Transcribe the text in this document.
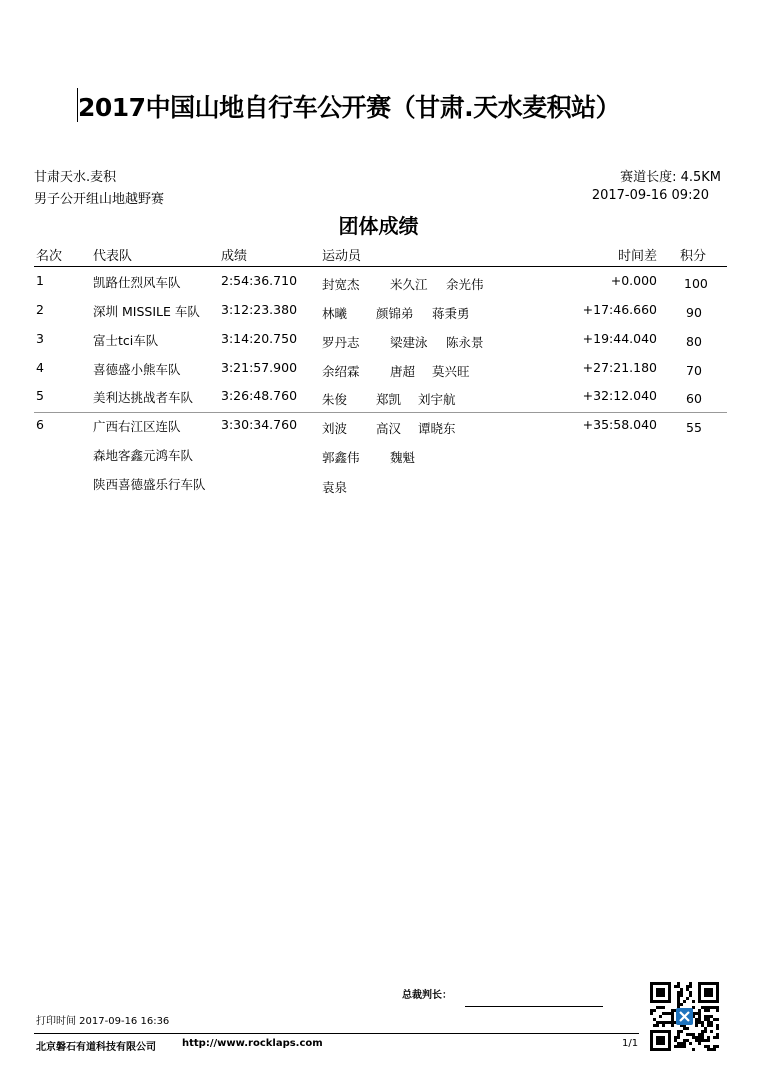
2017中国山地自行车公开赛（甘肃.天水麦积站）
甘肃天水.麦积
男子公开组山地越野赛
赛道长度: 4.5KM
2017-09-16 09:20
团体成绩
名次 代表队	成绩	运动员	时间差 积分
1	凯路仕烈风车队	2:54:36.710 封宽杰 米久江 余光伟	+0.000 100
2	深圳 MISSILE 车队 3:12:23.380 林曦 颜锦弟 蒋秉勇	+17:46.660 90
3	富士tci车队	3:14:20.750 罗丹志 梁建泳 陈永景	+19:44.040 80
4	喜德盛小熊车队	3:21:57.900 余绍霖 唐超 莫兴旺	+27:21.180 70
5	美利达挑战者车队 3:26:48.760 朱俊 郑凯 刘宇航	+32:12.040 60
6	广西右江区连队	3:30:34.760 刘波 高汉 谭晓东	+35:58.040 55
森地客鑫元鸿车队	郭鑫伟 魏魁
陕西喜德盛乐行车队	袁泉
总裁判长：
打印时间 2017-09-16 16:36
北京磐石有道科技有限公司	http://www.rocklaps.com	1/1
